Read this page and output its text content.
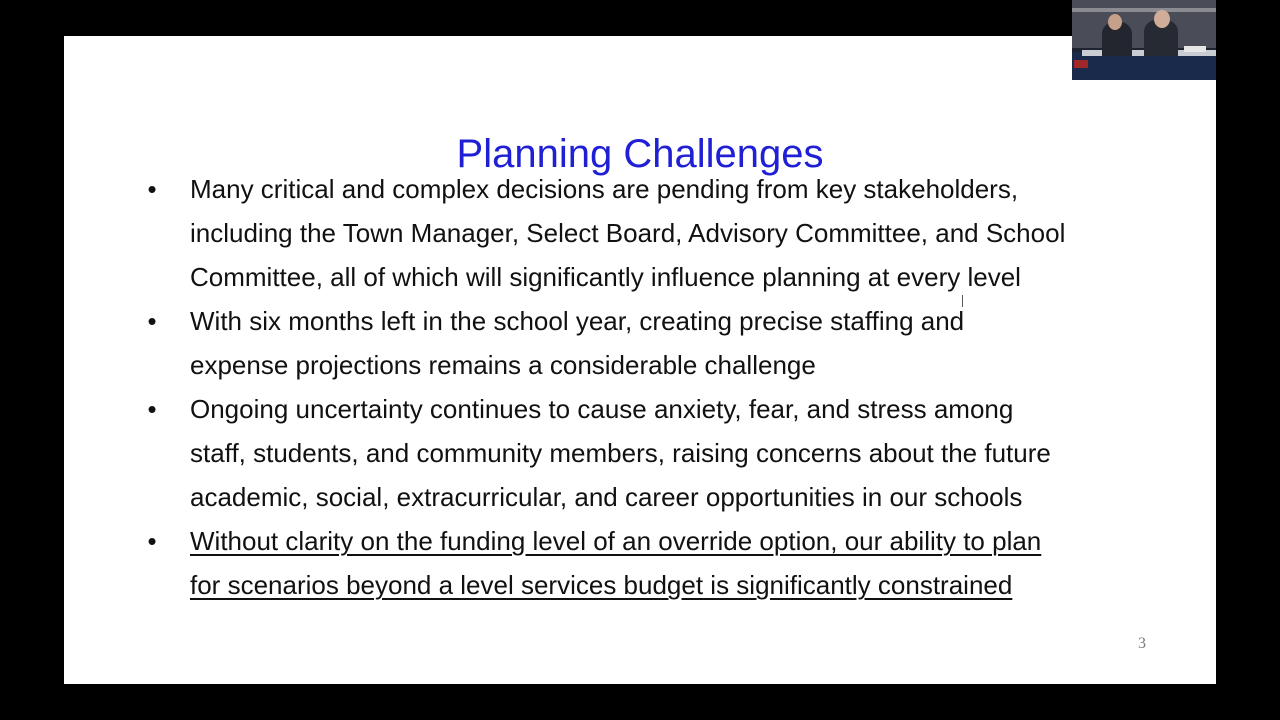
Planning Challenges
• Many critical and complex decisions are pending from key stakeholders,
including the Town Manager, Select Board, Advisory Committee, and School
Committee, all of which will significantly influence planning at every level
• With six months left in the school year, creating precise staffing and
expense projections remains a considerable challenge
• Ongoing uncertainty continues to cause anxiety, fear, and stress among
staff, students, and community members, raising concerns about the future
academic, social, extracurricular, and career opportunities in our schools
• Without clarity on the funding level of an override option, our ability to plan
for scenarios beyond a level services budget is significantly constrained
3
